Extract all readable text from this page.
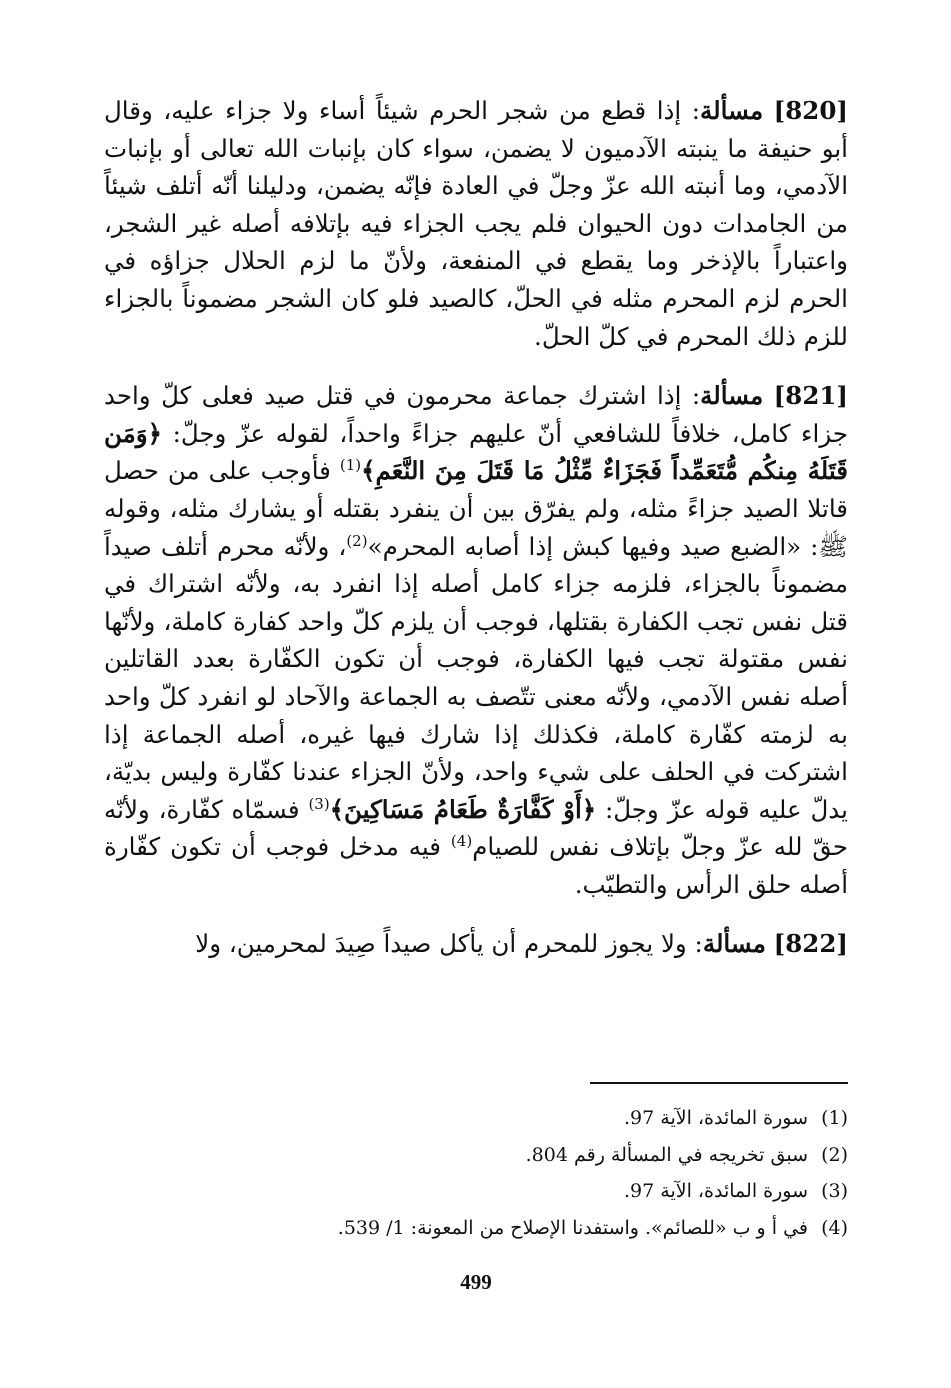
[820] مسألة: إذا قطع من شجر الحرم شيئاً أساء ولا جزاء عليه، وقال أبو حنيفة ما ينبته الآدميون لا يضمن، سواء كان بإنبات الله تعالى أو بإنبات الآدمي، وما أنبته الله عزّ وجلّ في العادة فإنّه يضمن، ودليلنا أنّه أتلف شيئاً من الجامدات دون الحيوان فلم يجب الجزاء فيه بإتلافه أصله غير الشجر، واعتباراً بالإذخر وما يقطع في المنفعة، ولأنّ ما لزم الحلال جزاؤه في الحرم لزم المحرم مثله في الحلّ، كالصيد فلو كان الشجر مضموناً بالجزاء للزم ذلك المحرم في كلّ الحلّ.

[821] مسألة: إذا اشترك جماعة محرمون في قتل صيد فعلى كلّ واحد جزاء كامل، خلافاً للشافعي أنّ عليهم جزاءً واحداً، لقوله عزّ وجلّ: ﴿وَمَن قَتَلَهُ مِنكُم مُّتَعَمِّداً فَجَزَاءٌ مِّثْلُ مَا قَتَلَ مِنَ النَّعَمِ﴾$^{(1)}$ فأوجب على من حصل قاتلا الصيد جزاءً مثله، ولم يفرّق بين أن ينفرد بقتله أو يشارك مثله، وقوله ﷺ: «الضبع صيد وفيها كبش إذا أصابه المحرم»$^{(2)}$، ولأنّه محرم أتلف صيداً مضموناً بالجزاء، فلزمه جزاء كامل أصله إذا انفرد به، ولأنّه اشتراك في قتل نفس تجب الكفارة بقتلها، فوجب أن يلزم كلّ واحد كفارة كاملة، ولأنّها نفس مقتولة تجب فيها الكفارة، فوجب أن تكون الكفّارة بعدد القاتلين أصله نفس الآدمي، ولأنّه معنى تتّصف به الجماعة والآحاد لو انفرد كلّ واحد به لزمته كفّارة كاملة، فكذلك إذا شارك فيها غيره، أصله الجماعة إذا اشتركت في الحلف على شيء واحد، ولأنّ الجزاء عندنا كفّارة وليس بديّة، يدلّ عليه قوله عزّ وجلّ: ﴿أَوْ كَفَّارَةٌ طَعَامُ مَسَاكِينَ﴾$^{(3)}$ فسمّاه كفّارة، ولأنّه حقّ لله عزّ وجلّ بإتلاف نفس للصيام$^{(4)}$ فيه مدخل فوجب أن تكون كفّارة أصله حلق الرأس والتطيّب.

[822] مسألة: ولا يجوز للمحرم أن يأكل صيداً صِيدَ لمحرمين، ولا

(1)
سورة المائدة، الآية 97.

(2)
سبق تخريجه في المسألة رقم 804.

(3)
سورة المائدة، الآية 97.

(4)
في أ و ب «للصائم». واستفدنا الإصلاح من المعونة: 1/ 539.

499
